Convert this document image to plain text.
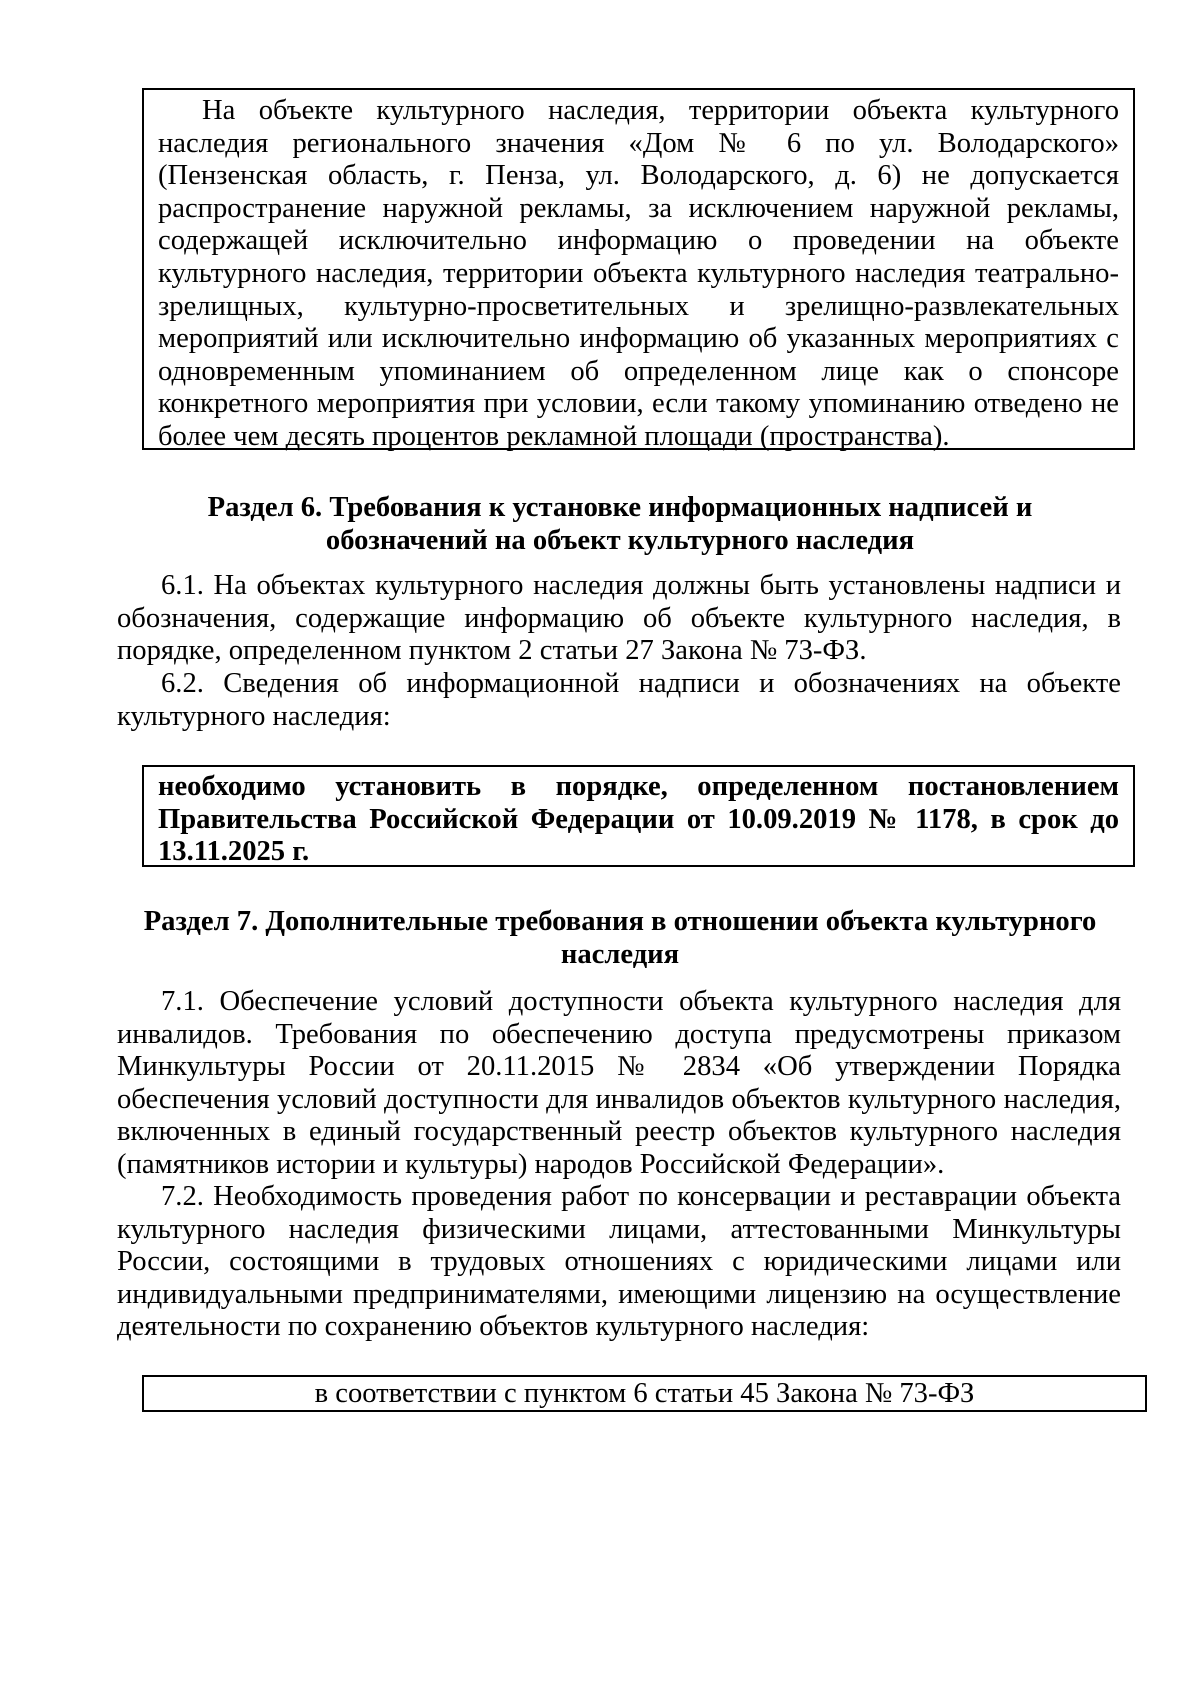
На объекте культурного наследия, территории объекта культурного наследия регионального значения «Дом № 6 по ул. Володарского» (Пензенская область, г. Пенза, ул. Володарского, д. 6) не допускается распространение наружной рекламы, за исключением наружной рекламы, содержащей исключительно информацию о проведении на объекте культурного наследия, территории объекта культурного наследия театрально-зрелищных, культурно-просветительных и зрелищно-развлекательных мероприятий или исключительно информацию об указанных мероприятиях с одновременным упоминанием об определенном лице как о спонсоре конкретного мероприятия при условии, если такому упоминанию отведено не более чем десять процентов рекламной площади (пространства).

Раздел 6. Требования к установке информационных надписей и
обозначений на объект культурного наследия

6.1. На объектах культурного наследия должны быть установлены надписи и обозначения, содержащие информацию об объекте культурного наследия, в порядке, определенном пунктом 2 статьи 27 Закона № 73-ФЗ.

6.2. Сведения об информационной надписи и обозначениях на объекте культурного наследия:

необходимо установить в порядке, определенном постановлением Правительства Российской Федерации от 10.09.2019 № 1178, в срок до 13.11.2025 г.

Раздел 7. Дополнительные требования в отношении объекта культурного
наследия

7.1. Обеспечение условий доступности объекта культурного наследия для инвалидов. Требования по обеспечению доступа предусмотрены приказом Минкультуры России от 20.11.2015 № 2834 «Об утверждении Порядка обеспечения условий доступности для инвалидов объектов культурного наследия, включенных в единый государственный реестр объектов культурного наследия (памятников истории и культуры) народов Российской Федерации».

7.2. Необходимость проведения работ по консервации и реставрации объекта культурного наследия физическими лицами, аттестованными Минкультуры России, состоящими в трудовых отношениях с юридическими лицами или индивидуальными предпринимателями, имеющими лицензию на осуществление деятельности по сохранению объектов культурного наследия:

в соответствии с пунктом 6 статьи 45 Закона № 73-ФЗ
